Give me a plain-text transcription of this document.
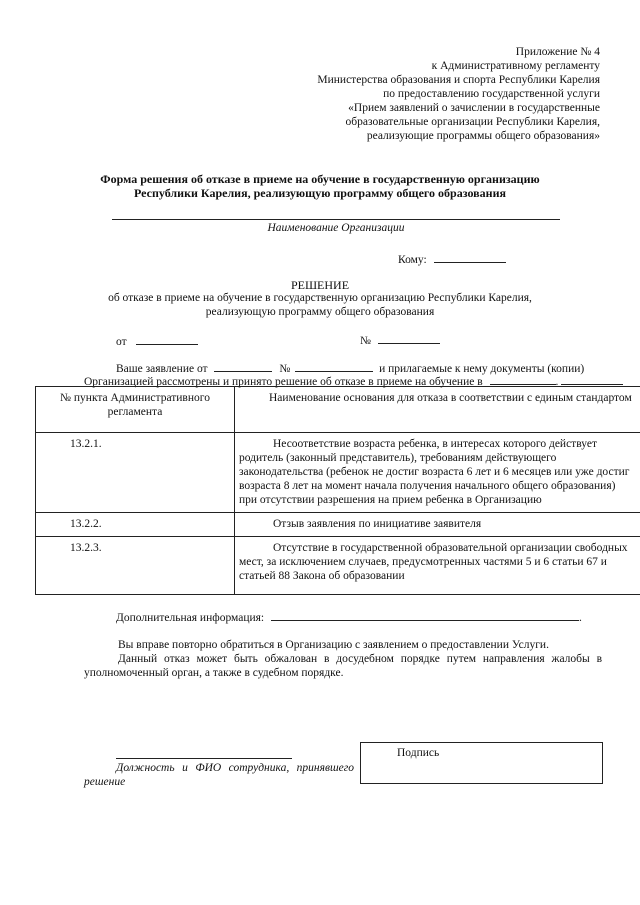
Приложение № 4
к Административному регламенту
Министерства образования и спорта Республики Карелия
по предоставлению государственной услуги
«Прием заявлений о зачислении в государственные
образовательные организации Республики Карелия,
реализующие программы общего образования»
Форма решения об отказе в приеме на обучение в государственную организацию
Республики Карелия, реализующую программу общего образования
Наименование Организации
Кому:
РЕШЕНИЕ
об отказе в приеме на обучение в государственную организацию Республики Карелия,
реализующую программу общего образования
от	№
Ваше заявление от	№	и прилагаемые к нему документы (копии)
Организацией рассмотрены и принято решение об отказе в приеме на обучение в	.
№ пункта Административного регламента	Наименование основания для отказа в соответствии с единым стандартом
13.2.1.	Несоответствие возраста ребенка, в интересах которого действует родитель (законный представитель), требованиям действующего законодательства (ребенок не достиг возраста 6 лет и 6 месяцев или уже достиг возраста 8 лет на момент начала получения начального общего образования)
при отсутствии разрешения на прием ребенка в Организацию

13.2.2.	Отзыв заявления по инициативе заявителя

13.2.3.	Отсутствие в государственной образовательной организации свободных мест, за исключением случаев, предусмотренных частями 5 и 6 статьи 67 и статьей 88 Закона об образовании
Дополнительная информация:	.
Вы вправе повторно обратиться в Организацию с заявлением о предоставлении Услуги.
Данный отказ может быть обжалован в досудебном порядке путем направления жалобы в уполномоченный орган, а также в судебном порядке.
Должность и ФИО сотрудника, принявшего решение
Подпись
